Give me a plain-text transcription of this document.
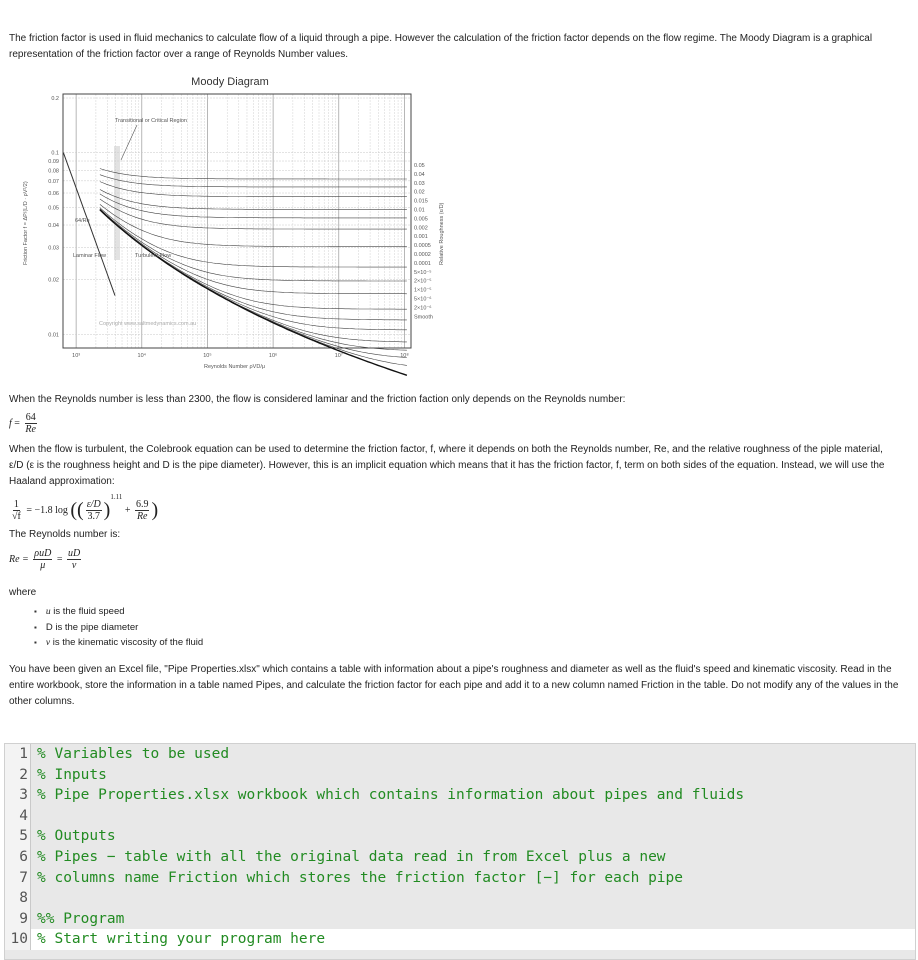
The friction factor is used in fluid mechanics to calculate flow of a liquid through a pipe. However the calculation of the friction factor depends on the flow regime. The Moody Diagram is a graphical representation of the friction factor over a range of Reynolds Number values.

Moody Diagram
0.2
0.1
0.09
0.08
0.07
0.06
0.05
0.04
0.03
0.02
0.01
10³	10⁴	10⁵	10⁶	10⁷	10⁸
0.05
0.04
0.03
0.02
0.015
0.01
0.005
0.002
0.001
0.0005
0.0002
0.0001
5×10⁻⁵
2×10⁻⁵
1×10⁻⁵
5×10⁻⁶
2×10⁻⁶
Smooth
Transitional or Critical Region
64/Re
Laminar Flow	Turbulent Flow
Copyright www.saltmedynamics.com.au
Friction Factor f = ΔP/(L/D · ρV²/2)
Reynolds Number ρVD/μ
Relative Roughness (ε/D)

When the Reynolds number is less than 2300, the flow is considered laminar and the friction faction only depends on the Reynolds number:

$f = \frac{64}{Re}$

When the flow is turbulent, the Colebrook equation can be used to determine the friction factor, f, where it depends on both the Reynolds number, Re, and the relative roughness of the piple material, ε/D (ε is the roughness height and D is the pipe diameter). However, this is an implicit equation which means that it has the friction factor, f, term on both sides of the equation. Instead, we will use the Haaland approximation:

$\frac{1}{√f} = -1.8$ log (( $\frac{\varepsilon/D}{3.7} )^{1.11} + \frac{6.9}{Re}$ )

The Reynolds number is:

$Re = \frac{\text{ρuD}}{\mu} = \frac{uD}{\nu}$

where

▪ u is the fluid speed
▪ D is the pipe diameter
▪ ν is the kinematic viscosity of the fluid

You have been given an Excel file, "Pipe Properties.xlsx" which contains a table with information about a pipe's roughness and diameter as well as the fluid's speed and kinematic viscosity. Read in the entire workbook, store the information in a table named Pipes, and calculate the friction factor for each pipe and add it to a new column named Friction in the table. Do not modify any of the values in the other columns.

1 % Variables to be used
2 % Inputs
3 % Pipe Properties.xlsx workbook which contains information about pipes and fluids
4
5 % Outputs
6 % Pipes − table with all the original data read in from Excel plus a new
7 % columns name Friction which stores the friction factor [−] for each pipe
8
9 %% Program
10 % Start writing your program here
